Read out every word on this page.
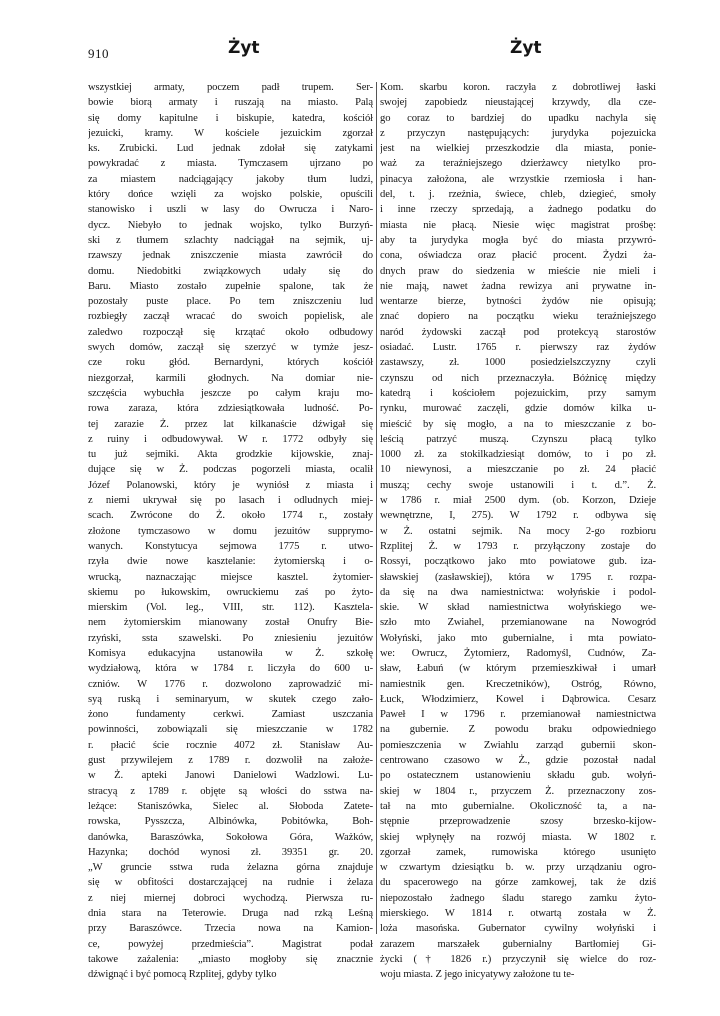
910	Żyt	Żyt
wszystkiej armaty, poczem padł trupem. Ser-
bowie biorą armaty i ruszają na miasto. Palą
się domy kapitulne i biskupie, katedra, kościół
jezuicki, kramy. W kościele jezuickim zgorzał
ks. Zrubicki. Lud jednak zdołał się zatykami
powykradać z miasta. Tymczasem ujrzano po
za miastem nadciągający jakoby tłum ludzi,
który dońce wzięli za wojsko polskie, opuścili
stanowisko i uszli w lasy do Owrucza i Naro-
dycz. Niebyło to jednak wojsko, tylko Burzyń-
ski z tłumem szlachty nadciągał na sejmik, uj-
rzawszy jednak zniszczenie miasta zawrócił do
domu. Niedobitki związkowych udały się do
Baru. Miasto zostało zupełnie spalone, tak że
pozostały puste place. Po tem zniszczeniu lud
rozbiegły zaczął wracać do swoich popielisk, ale
zaledwo rozpoczął się krzątać około odbudowy
swych domów, zaczął się szerzyć w tymże jesz-
cze roku głód. Bernardyni, których kościół
niezgorzał, karmili głodnych. Na domiar nie-
szczęścia wybuchła jeszcze po całym kraju mo-
rowa zaraza, która zdziesiątkowała ludność. Po-
tej zarazie Ż. przez lat kilkanaście dźwigał się
z ruiny i odbudowywał. W r. 1772 odbyły się
tu już sejmiki. Akta grodzkie kijowskie, znaj-
dujące się w Ż. podczas pogorzeli miasta, ocalił
Józef Polanowski, który je wyniósł z miasta i
z niemi ukrywał się po lasach i odludnych miej-
scach. Zwrócone do Ż. około 1774 r., zostały
złożone tymczasowo w domu jezuitów supprymo-
wanych. Konstytucya sejmowa 1775 r. utwo-
rzyła dwie nowe kasztelanie: żytomierską i o-
wrucką, naznaczając miejsce kasztel. żytomier-
skiemu po łukowskim, owruckiemu zaś po żyto-
mierskim (Vol. leg., VIII, str. 112). Kasztela-
nem żytomierskim mianowany został Onufry Bie-
rzyński, ssta szawelski. Po zniesieniu jezuitów
Komisya edukacyjna ustanowiła w Ż. szkołę
wydziałową, która w 1784 r. liczyła do 600 u-
czniów. W 1776 r. dozwolono zaprowadzić mi-
syą ruską i seminaryum, w skutek czego zało-
żono fundamenty cerkwi. Zamiast uszczania
powinności, zobowiązali się mieszczanie w 1782
r. płacić ście rocznie 4072 zł. Stanisław Au-
gust przywilejem z 1789 r. dozwolił na założe-
w Ż. apteki Janowi Danielowi Wadzlowi. Lu-
stracyą z 1789 r. objęte są włości do sstwa na-
leżące: Staniszówka, Sielec al. Słoboda Zatete-
rowska, Pysszcza, Albinówka, Pobitówka, Boh-
danówka, Baraszówka, Sokołowa Góra, Ważków,
Hazynka; dochód wynosi zł. 39351 gr. 20.
„W gruncie sstwa ruda żelazna górna znajduje
się w obfitości dostarczającej na rudnie i żelaza
z niej miernej dobroci wychodzą. Pierwsza ru-
dnia stara na Teterowie. Druga nad rzką Leśną
przy Baraszówce. Trzecia nowa na Kamion-
ce, powyżej przedmieścia”. Magistrat podał
takowe zażalenia: „miasto mogłoby się znacznie
dźwignąć i być pomocą Rzplitej, gdyby tylko
Kom. skarbu koron. raczyła z dobrotliwej łaski
swojej zapobiedz nieustającej krzywdy, dla cze-
go coraz to bardziej do upadku nachyla się
z przyczyn następujących: jurydyka pojezuicka
jest na wielkiej przeszkodzie dla miasta, ponie-
waż za teraźniejszego dzierżawcy nietylko pro-
pinacya założona, ale wrzystkie rzemiosła i han-
del, t. j. rzeźnia, świece, chleb, dziegieć, smoły
i inne rzeczy sprzedają, a żadnego podatku do
miasta nie płacą. Niesie więc magistrat prośbę:
aby ta jurydyka mogła być do miasta przywró-
cona, oświadcza oraz płacić procent. Żydzi ża-
dnych praw do siedzenia w mieście nie mieli i
nie mają, nawet żadna rewizya ani prywatne in-
wentarze bierze, bytności żydów nie opisują;
znać dopiero na początku wieku teraźniejszego
naród żydowski zaczął pod protekcyą starostów
osiadać. Lustr. 1765 r. pierwszy raz żydów
zastawszy, zł. 1000 posiedzielszczyzny czyli
czynszu od nich przeznaczyła. Bóżnicę między
katedrą i kościołem pojezuickim, przy samym
rynku, murować zaczęli, gdzie domów kilka u-
mieścić by się mogło, a na to mieszczanie z bo-
leścią patrzyć muszą. Czynszu płacą tylko
1000 zł. za stokilkadziesiąt domów, to i po zł.
10 niewynosi, a mieszczanie po zł. 24 płacić
muszą; cechy swoje ustanowili i t. d.”. Ż.
w 1786 r. miał 2500 dym. (ob. Korzon, Dzieje
wewnętrzne, I, 275). W 1792 r. odbywa się
w Ż. ostatni sejmik. Na mocy 2-go rozbioru
Rzplitej Ż. w 1793 r. przyłączony zostaje do
Rossyi, początkowo jako mto powiatowe gub. iza-
sławskiej (zasławskiej), która w 1795 r. rozpa-
da się na dwa namiestnictwa: wołyńskie i podol-
skie. W skład namiestnictwa wołyńskiego we-
szło mto Zwiahel, przemianowane na Nowogród
Wołyński, jako mto gubernialne, i mta powiato-
we: Owrucz, Żytomierz, Radomyśl, Cudnów, Za-
sław, Łabuń (w którym przemieszkiwał i umarł
namiestnik gen. Kreczetników), Ostróg, Równo,
Łuck, Włodzimierz, Kowel i Dąbrowica. Cesarz
Paweł I w 1796 r. przemianował namiestnictwa
na gubernie. Z powodu braku odpowiedniego
pomieszczenia w Zwiahlu zarząd gubernii skon-
centrowano czasowo w Ż., gdzie pozostał nadal
po ostatecznem ustanowieniu składu gub. wołyń-
skiej w 1804 r., przyczem Ż. przeznaczony zos-
tał na mto gubernialne. Okoliczność ta, a na-
stępnie przeprowadzenie szosy brzesko-kijow-
skiej wpłynęły na rozwój miasta. W 1802 r.
zgorzał zamek, rumowiska którego usunięto
w czwartym dziesiątku b. w. przy urządzaniu ogro-
du spacerowego na górze zamkowej, tak że dziś
niepozostało żadnego śladu starego zamku żyto-
mierskiego. W 1814 r. otwartą została w Ż.
loża masońska. Gubernator cywilny wołyński i
zarazem marszałek gubernialny Bartłomiej Gi-
życki († 1826 r.) przyczynił się wielce do roz-
woju miasta. Z jego inicyatywy założone tu te-
